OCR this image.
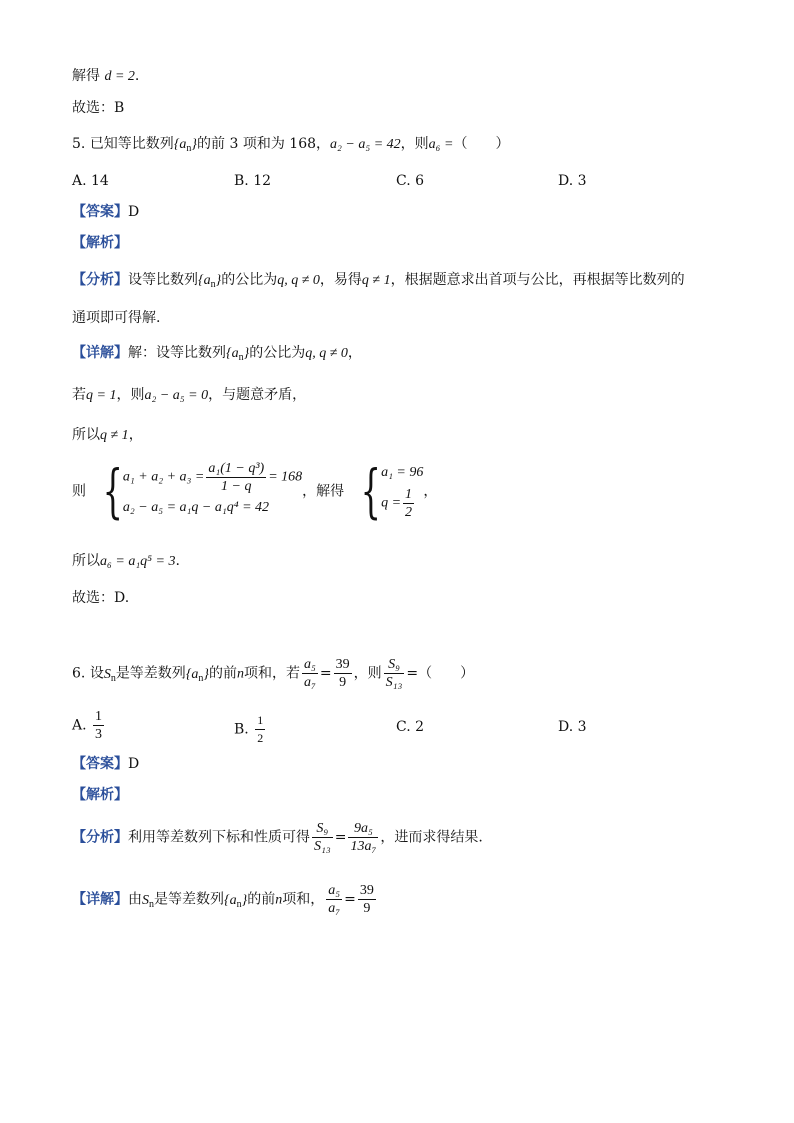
解得 d = 2.
故选：B
5. 已知等比数列$\{a_n\}$的前 3 项和为 168，a₂ − a₅ = 42，则a₆ =（　　）
A. 14	B. 12	C. 6	D. 3
【答案】D
【解析】
【分析】设等比数列$\{a_n\}$的公比为q, q ≠ 0，易得q ≠ 1，根据题意求出首项与公比，再根据等比数列的
通项即可得解.
【详解】解：设等比数列$\{a_n\}$的公比为q, q ≠ 0，
若q = 1，则a₂ − a₅ = 0，与题意矛盾，
所以q ≠ 1，
则 { $a_1 + a_2 + a_3 = \frac{\text{a₁(1 − q³)}}{1 - q} = 168$
a₂ − a₅ = a₁q − a₁q⁴ = 42
，解得 { a₁ = 96
$q = \frac{1}{2}$ ，
所以a₆ = a₁q⁵ = 3.
故选：D.
6. 设$S_n$是等差数列$\{a_n\}$的前n项和，若 $\frac{\text{a₅}}{\text{a₇}} = \frac{39}{9}$ ，则 $\frac{\text{S₉}}{\text{S₁₃}}$ =（　　）
A. $\frac{1}{3}$	B. $\frac{1}{2}$	C. 2	D. 3
【答案】D
【解析】
【分析】利用等差数列下标和性质可得 $\frac{\text{S₉}}{\text{S₁₃}} = \frac{\text{9a₅}}{\text{13a₇}}$ ，进而求得结果.
【详解】由$S_n$是等差数列$\{a_n\}$的前n项和， $\frac{\text{a₅}}{\text{a₇}} = \frac{39}{9}$
